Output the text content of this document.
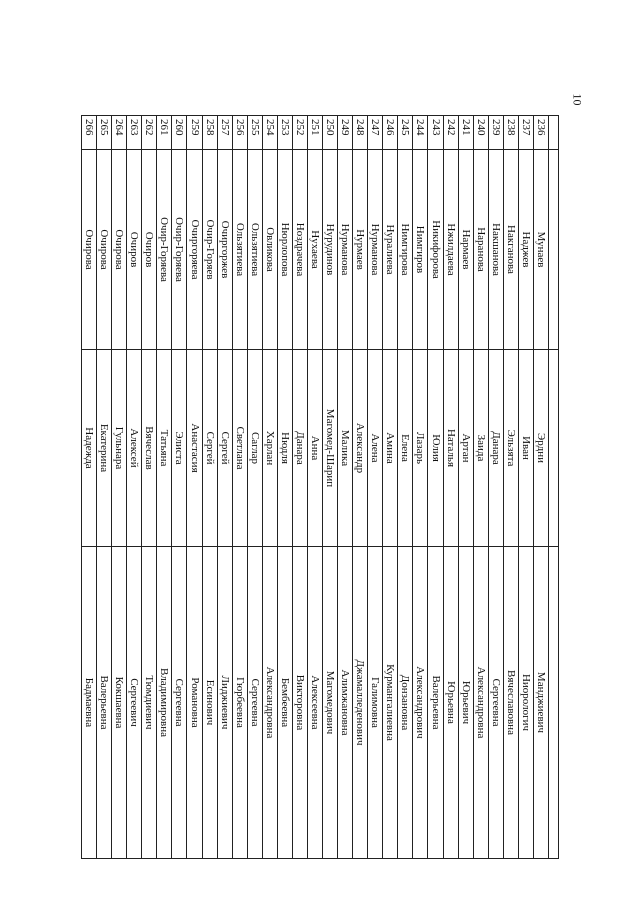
10

236	Мунаев	Эрдни	Манджиевич
237	Наджев	Иван	Ниорологич
238	Накганова	Эльзята	Вячеславовна
239	Накшанова	Данара	Сергеевна
240	Наранова	Заида	Александровна
241	Нармаев	Артан	Юрьевич
242	Нжилдаева	Наталья	Юрьевна
243	Никифорова	Юлия	Валерьевна
244	Нимгиров	Лазарь	Александрович
245	Нимгирова	Елена	Донзановна
246	Нуралиева	Амина	Курмангалиевна
247	Нурманова	Алена	Галимовна
248	Нурмаев	Александр	Джамалледенович
249	Нурманова	Малика	Алимжановна
250	Нурудинов	Магомед-Шарип	Магомедович
251	Нухаева	Анна	Алексеевна
252	Ноздрачева	Данара	Викторовна
253	Нюрлопова	Нюдля	Бембеевна
254	Овликова	Харлан	Александровна
255	Ользятиева	Саглар	Сергеевна
256	Ользятиева	Светлана	Гюрбеевна
257	Очиргоржев	Сергей	Лиджиевич
258	Очир-Горяев	Сергей	Есинович
259	Очиргоряева	Анастасия	Романовна
260	Очир-Горяева	Элиста	Сергеевна
261	Очир-Горяева	Татьяна	Владимировна
262	Очиров	Вячеслав	Тюмдиевич
263	Очиров	Алексей	Сергеевич
264	Очирова	Гульнара	Кокшаевна
265	Очирова	Екатерина	Валерьевна
266	Очирова	Надежда	Бадмаевна
